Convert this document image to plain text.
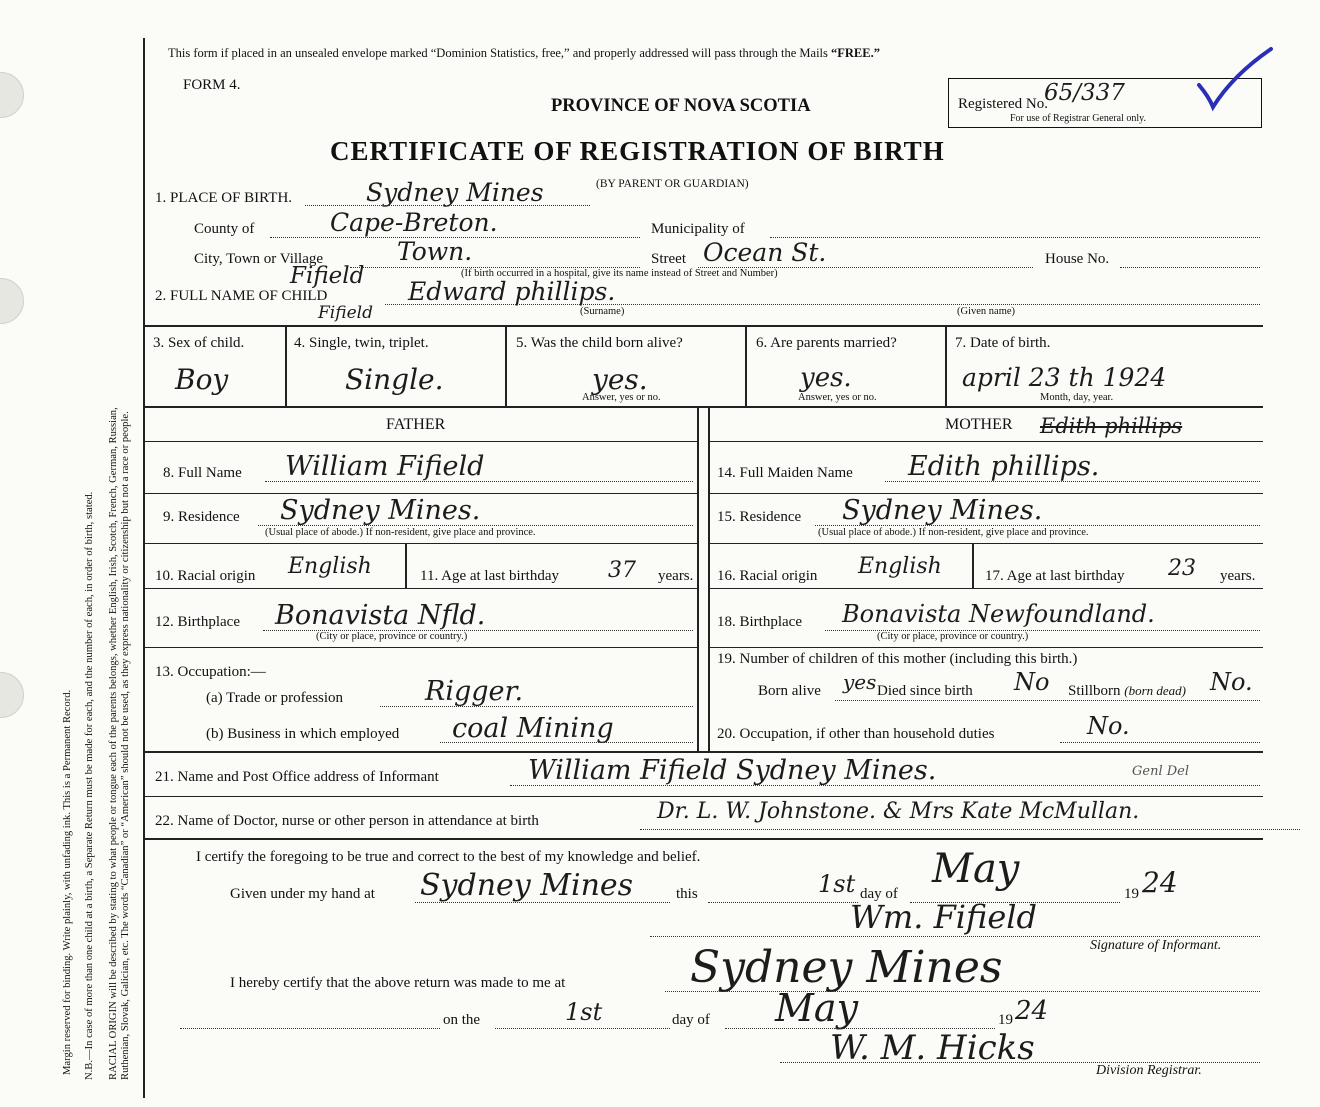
Margin reserved for binding. Write plainly, with unfading ink. This is a Permanent Record. N.B.—In case of more than one child at a birth, a Separate Return must be made for each, and the number of each, in order of birth, stated. RACIAL ORIGIN will be described by stating to what people or tongue each of the parents belongs, whether English, Irish, Scotch, French, German, Russian, Ruthenian, Slovak, Galician, etc. The words “Canadian” or “American” should not be used, as they express nationality or citizenship but not a race or people.
This form if placed in an unsealed envelope marked “Dominion Statistics, free,” and properly addressed will pass through the Mails “FREE.”
FORM 4.
PROVINCE OF NOVA SCOTIA
CERTIFICATE OF REGISTRATION OF BIRTH
(BY PARENT OR GUARDIAN)
Registered No.
65/337
For use of Registrar General only.
1. PLACE OF BIRTH.	Sydney Mines
County of	Cape-Breton.	Municipality of
City, Town or Village	Town.	Street Ocean St.	House No.
(If birth occurred in a hospital, give its name instead of Street and Number)
Fifield
2. FULL NAME OF CHILD	Edward phillips.
Fifield	(Surname)	(Given name)
3. Sex of child.
Boy
4. Single, twin, triplet.
Single.
5. Was the child born alive?
yes.
Answer, yes or no.
6. Are parents married?
yes.
Answer, yes or no.
7. Date of birth.
april 23 th 1924
Month, day, year.
FATHER	MOTHER Edith phillips
8. Full Name William Fifield
9. Residence Sydney Mines.
(Usual place of abode.) If non-resident, give place and province.
10. Racial origin English	11. Age at last birthday 37 years.
12. Birthplace Bonavista Nfld.
(City or place, province or country.)
13. Occupation:—
(a) Trade or profession	Rigger.
(b) Business in which employed coal Mining
14. Full Maiden Name Edith phillips.
15. Residence Sydney Mines.
(Usual place of abode.) If non-resident, give place and province.
16. Racial origin English	17. Age at last birthday 23 years.
18. Birthplace Bonavista Newfoundland.
(City or place, province or country.)
19. Number of children of this mother (including this birth.)
Born alive yes Died since birth No Stillborn (born dead) No.
20. Occupation, if other than household duties	No.
21. Name and Post Office address of Informant	William Fifield Sydney Mines.	Genl Del
22. Name of Doctor, nurse or other person in attendance at birth	Dr. L. W. Johnstone. & Mrs Kate McMullan.
I certify the foregoing to be true and correct to the best of my knowledge and belief.
Given under my hand at Sydney Mines	this	1st day of
May
19 24
Wm. Fifield
Signature of Informant.
I hereby certify that the above return was made to me at	Sydney Mines
on the	1st	day of May	19 24
W. M. Hicks
Division Registrar.
